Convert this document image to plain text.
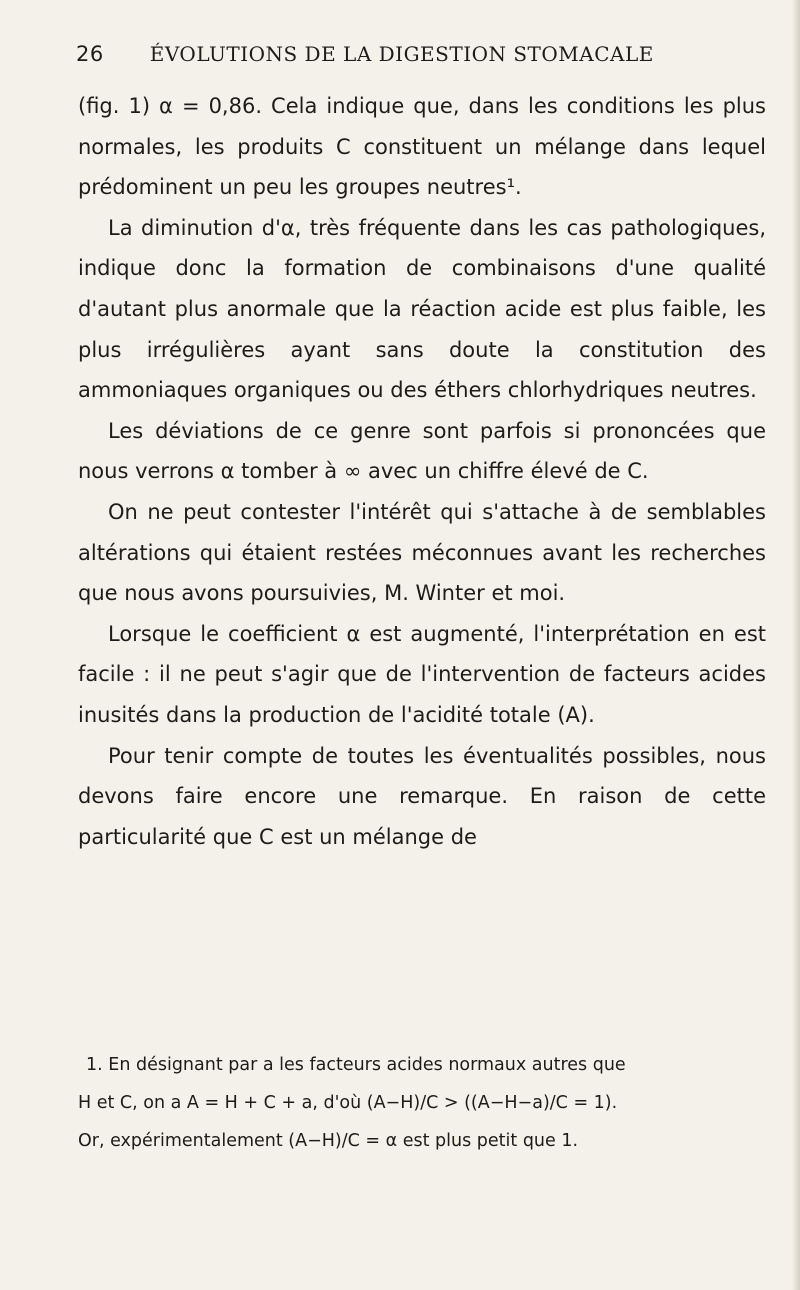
26 ÉVOLUTIONS DE LA DIGESTION STOMACALE

(fig. 1) α = 0,86. Cela indique que, dans les conditions les plus normales, les produits C constituent un mélange dans lequel prédominent un peu les groupes neutres¹.

La diminution d'α, très fréquente dans les cas pathologiques, indique donc la formation de combinaisons d'une qualité d'autant plus anormale que la réaction acide est plus faible, les plus irrégulières ayant sans doute la constitution des ammoniaques organiques ou des éthers chlorhydriques neutres.

Les déviations de ce genre sont parfois si prononcées que nous verrons α tomber à ∞ avec un chiffre élevé de C.

On ne peut contester l'intérêt qui s'attache à de semblables altérations qui étaient restées méconnues avant les recherches que nous avons poursuivies, M. Winter et moi.

Lorsque le coefficient α est augmenté, l'interprétation en est facile : il ne peut s'agir que de l'intervention de facteurs acides inusités dans la production de l'acidité totale (A).

Pour tenir compte de toutes les éventualités possibles, nous devons faire encore une remarque. En raison de cette particularité que C est un mélange de

1. En désignant par a les facteurs acides normaux autres que

H et C, on a A = H + C + a, d'où (A−H)/C > ((A−H−a)/C = 1).

Or, expérimentalement (A−H)/C = α est plus petit que 1.
